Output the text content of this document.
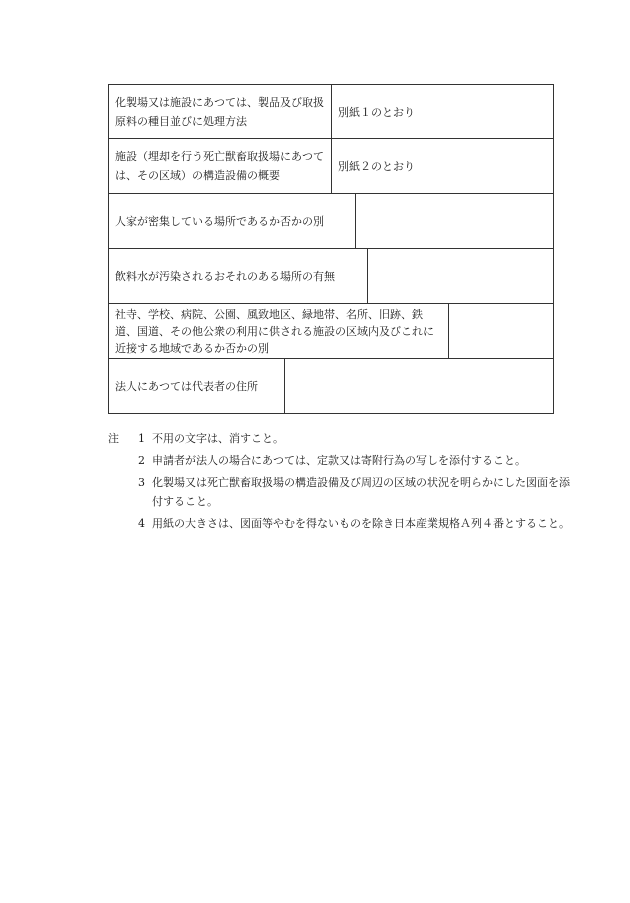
化製場又は施設にあつては、製品及び取扱原料の種目並びに処理方法
別紙１のとおり
施設（埋却を行う死亡獣畜取扱場にあつては、その区域）の構造設備の概要
別紙２のとおり
人家が密集している場所であるか否かの別
飲料水が汚染されるおそれのある場所の有無
社寺、学校、病院、公園、風致地区、緑地帯、名所、旧跡、鉄道、国道、その他公衆の利用に供される施設の区域内及びこれに近接する地域であるか否かの別
法人にあつては代表者の住所
注	1 不用の文字は、消すこと。
2 申請者が法人の場合にあつては、定款又は寄附行為の写しを添付すること。
3 化製場又は死亡獣畜取扱場の構造設備及び周辺の区域の状況を明らかにした図面を添付すること。
4 用紙の大きさは、図面等やむを得ないものを除き日本産業規格Ａ列４番とすること。
